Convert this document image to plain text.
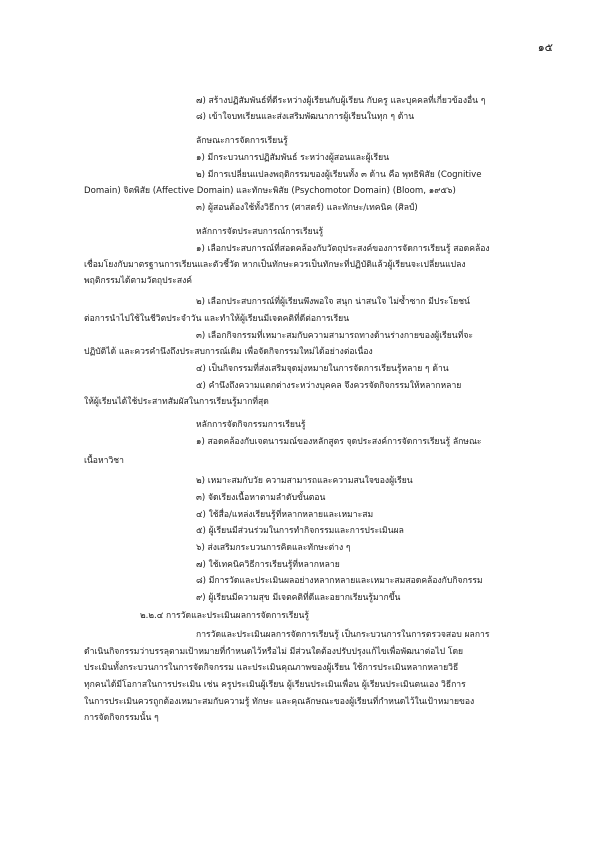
๑๕
๗) สร้างปฏิสัมพันธ์ที่ดีระหว่างผู้เรียนกับผู้เรียน กับครู และบุคคลที่เกี่ยวข้องอื่น ๆ
๘) เข้าใจบทเรียนและส่งเสริมพัฒนาการผู้เรียนในทุก ๆ ด้าน
ลักษณะการจัดการเรียนรู้
๑) มีกระบวนการปฏิสัมพันธ์ ระหว่างผู้สอนและผู้เรียน
๒) มีการเปลี่ยนแปลงพฤติกรรมของผู้เรียนทั้ง ๓ ด้าน คือ พุทธิพิสัย (Cognitive
Domain) จิตพิสัย (Affective Domain) และทักษะพิสัย (Psychomotor Domain) (Bloom, ๑๙๕๖)
๓) ผู้สอนต้องใช้ทั้งวิธีการ (ศาสตร์) และทักษะ/เทคนิค (ศิลป์)
หลักการจัดประสบการณ์การเรียนรู้
๑) เลือกประสบการณ์ที่สอดคล้องกับวัตถุประสงค์ของการจัดการเรียนรู้ สอดคล้อง
เชื่อมโยงกับมาตรฐานการเรียนและตัวชี้วัด หากเป็นทักษะควรเป็นทักษะที่ปฏิบัติแล้วผู้เรียนจะเปลี่ยนแปลง
พฤติกรรมได้ตามวัตถุประสงค์
๒) เลือกประสบการณ์ที่ผู้เรียนพึงพอใจ สนุก น่าสนใจ ไม่ซ้ำซาก มีประโยชน์
ต่อการนำไปใช้ในชีวิตประจำวัน และทำให้ผู้เรียนมีเจตคติที่ดีต่อการเรียน
๓) เลือกกิจกรรมที่เหมาะสมกับความสามารถทางด้านร่างกายของผู้เรียนที่จะ
ปฏิบัติได้ และควรคำนึงถึงประสบการณ์เดิม เพื่อจัดกิจกรรมใหม่ได้อย่างต่อเนื่อง
๔) เป็นกิจกรรมที่ส่งเสริมจุดมุ่งหมายในการจัดการเรียนรู้หลาย ๆ ด้าน
๕) คำนึงถึงความแตกต่างระหว่างบุคคล จึงควรจัดกิจกรรมให้หลากหลาย
ให้ผู้เรียนได้ใช้ประสาทสัมผัสในการเรียนรู้มากที่สุด
หลักการจัดกิจกรรมการเรียนรู้
๑) สอดคล้องกับเจตนารมณ์ของหลักสูตร จุดประสงค์การจัดการเรียนรู้ ลักษณะ
เนื้อหาวิชา
๒) เหมาะสมกับวัย ความสามารถและความสนใจของผู้เรียน
๓) จัดเรียงเนื้อหาตามลำดับขั้นตอน
๔) ใช้สื่อ/แหล่งเรียนรู้ที่หลากหลายและเหมาะสม
๕) ผู้เรียนมีส่วนร่วมในการทำกิจกรรมและการประเมินผล
๖) ส่งเสริมกระบวนการคิดและทักษะต่าง ๆ
๗) ใช้เทคนิควิธีการเรียนรู้ที่หลากหลาย
๘) มีการวัดและประเมินผลอย่างหลากหลายและเหมาะสมสอดคล้องกับกิจกรรม
๙) ผู้เรียนมีความสุข มีเจตคติที่ดีและอยากเรียนรู้มากขึ้น
๒.๒.๔ การวัดและประเมินผลการจัดการเรียนรู้
การวัดและประเมินผลการจัดการเรียนรู้ เป็นกระบวนการในการตรวจสอบ ผลการ
ดำเนินกิจกรรมว่าบรรลุตามเป้าหมายที่กำหนดไว้หรือไม่ มีส่วนใดต้องปรับปรุงแก้ไขเพื่อพัฒนาต่อไป โดย
ประเมินทั้งกระบวนการในการจัดกิจกรรม และประเมินคุณภาพของผู้เรียน ใช้การประเมินหลากหลายวิธี
ทุกคนได้มีโอกาสในการประเมิน เช่น ครูประเมินผู้เรียน ผู้เรียนประเมินเพื่อน ผู้เรียนประเมินตนเอง วิธีการ
ในการประเมินควรถูกต้องเหมาะสมกับความรู้ ทักษะ และคุณลักษณะของผู้เรียนที่กำหนดไว้ในเป้าหมายของ
การจัดกิจกรรมนั้น ๆ
